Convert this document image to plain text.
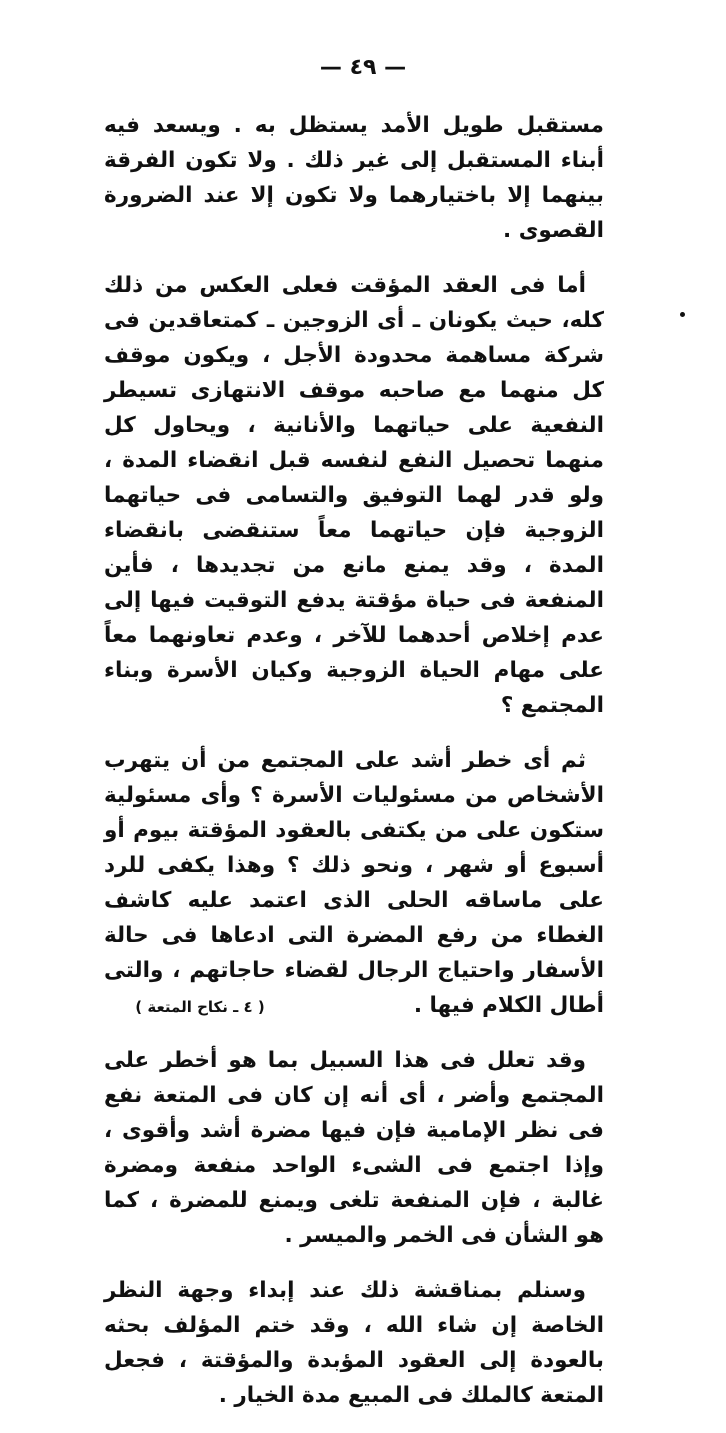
— ٤٩ —

مستقبل طويل الأمد يستظل به . ويسعد فيه أبناء المستقبل إلى غير ذلك . ولا تكون الفرقة بينهما إلا باختيارهما ولا تكون إلا عند الضرورة القصوى .

أما فى العقد المؤقت فعلى العكس من ذلك كله، حيث يكونان ـ أى الزوجين ـ كمتعاقدين فى شركة مساهمة محدودة الأجل ، ويكون موقف كل منهما مع صاحبه موقف الانتهازى تسيطر النفعية على حياتهما والأنانية ، ويحاول كل منهما تحصيل النفع لنفسه قبل انقضاء المدة ، ولو قدر لهما التوفيق والتسامى فى حياتهما الزوجية فإن حياتهما معاً ستنقضى بانقضاء المدة ، وقد يمنع مانع من تجديدها ، فأين المنفعة فى حياة مؤقتة يدفع التوقيت فيها إلى عدم إخلاص أحدهما للآخر ، وعدم تعاونهما معاً على مهام الحياة الزوجية وكيان الأسرة وبناء المجتمع ؟

ثم أى خطر أشد على المجتمع من أن يتهرب الأشخاص من مسئوليات الأسرة ؟ وأى مسئولية ستكون على من يكتفى بالعقود المؤقتة بيوم أو أسبوع أو شهر ، ونحو ذلك ؟ وهذا يكفى للرد على ماساقه الحلى الذى اعتمد عليه كاشف الغطاء من رفع المضرة التى ادعاها فى حالة الأسفار واحتياج الرجال لقضاء حاجاتهم ، والتى أطال الكلام فيها .

وقد تعلل فى هذا السبيل بما هو أخطر على المجتمع وأضر ، أى أنه إن كان فى المتعة نفع فى نظر الإمامية فإن فيها مضرة أشد وأقوى ، وإذا اجتمع فى الشىء الواحد منفعة ومضرة غالبة ، فإن المنفعة تلغى ويمنع للمضرة ، كما هو الشأن فى الخمر والميسر .

وسنلم بمناقشة ذلك عند إبداء وجهة النظر الخاصة إن شاء الله ، وقد ختم المؤلف بحثه بالعودة إلى العقود المؤبدة والمؤقتة ، فجعل المتعة كالملك فى المبيع مدة الخيار .

( ٤ ـ نكاح المتعة )
